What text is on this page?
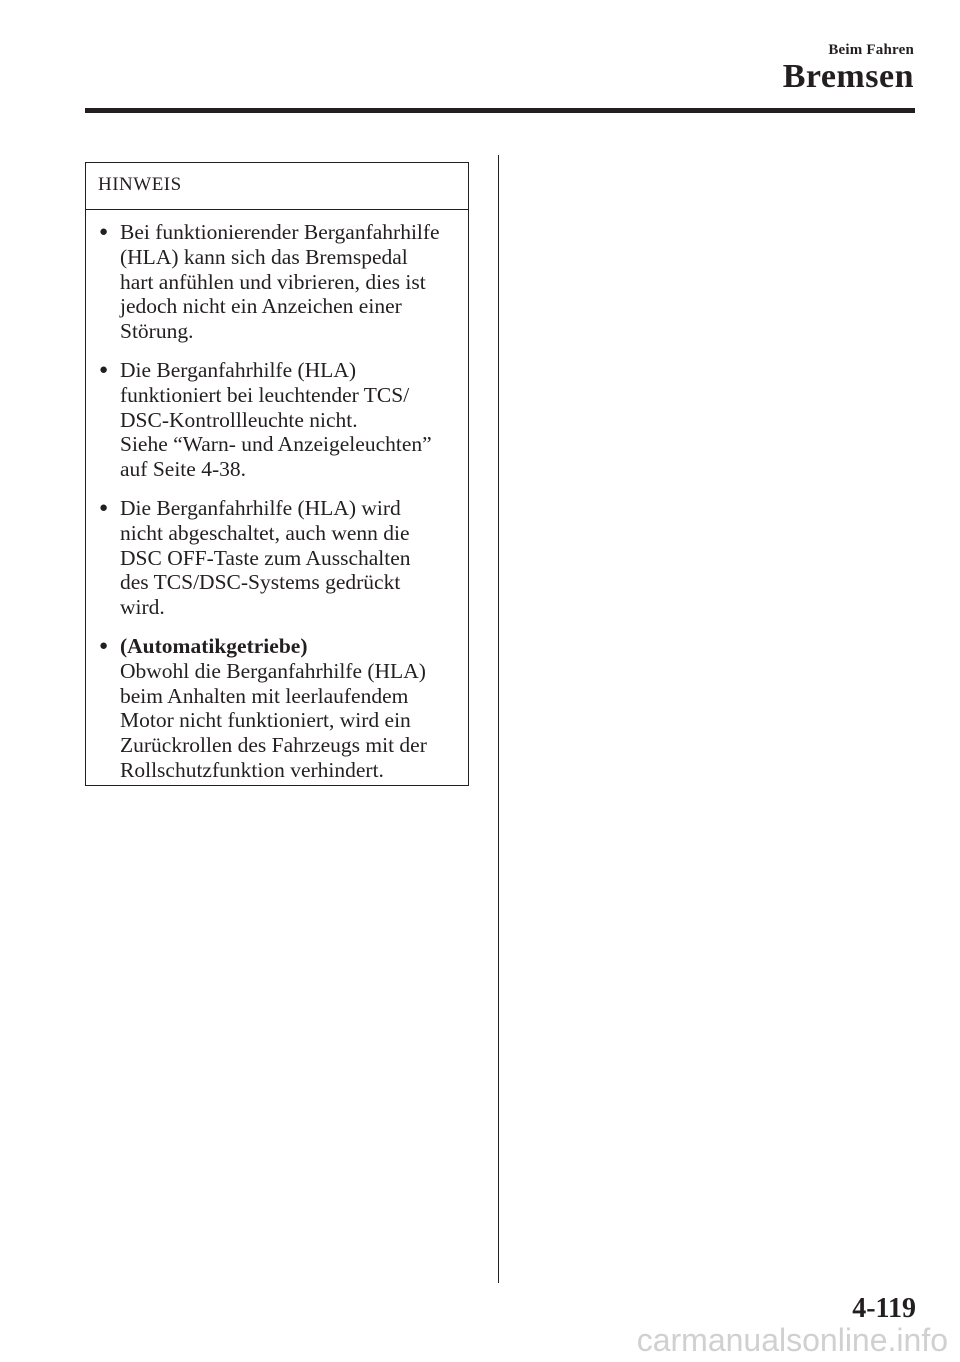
Beim Fahren
Bremsen
HINWEIS
● Bei funktionierender Berganfahrhilfe
(HLA) kann sich das Bremspedal
hart anfühlen und vibrieren, dies ist
jedoch nicht ein Anzeichen einer
Störung.
● Die Berganfahrhilfe (HLA)
funktioniert bei leuchtender TCS/
DSC-Kontrollleuchte nicht.
Siehe “Warn- und Anzeigeleuchten”
auf Seite 4-38.
● Die Berganfahrhilfe (HLA) wird
nicht abgeschaltet, auch wenn die
DSC OFF-Taste zum Ausschalten
des TCS/DSC-Systems gedrückt
wird.
● (Automatikgetriebe)
Obwohl die Berganfahrhilfe (HLA)
beim Anhalten mit leerlaufendem
Motor nicht funktioniert, wird ein
Zurückrollen des Fahrzeugs mit der
Rollschutzfunktion verhindert.
4-119
carmanualsonline.info
